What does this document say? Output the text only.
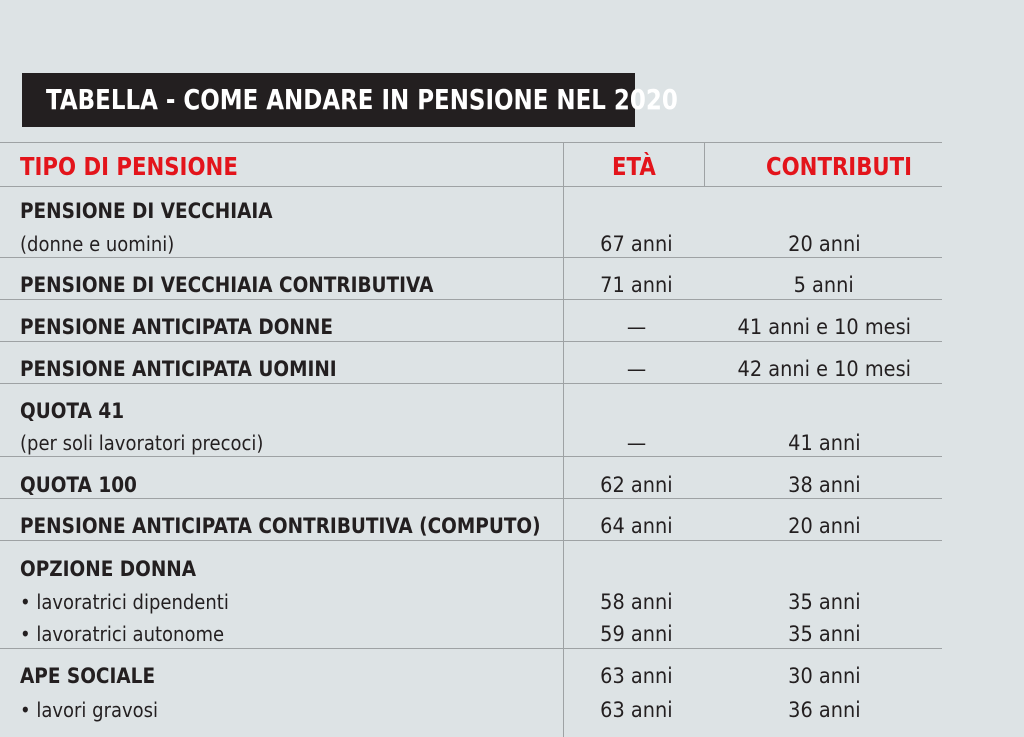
TABELLA - COME ANDARE IN PENSIONE NEL 2020
TIPO DI PENSIONE	ETÀ	CONTRIBUTI
PENSIONE DI VECCHIAIA
(donne e uomini)	67 anni	20 anni
PENSIONE DI VECCHIAIA CONTRIBUTIVA	71 anni	5 anni
PENSIONE ANTICIPATA DONNE	—	41 anni e 10 mesi
PENSIONE ANTICIPATA UOMINI	—	42 anni e 10 mesi
QUOTA 41
(per soli lavoratori precoci)	—	41 anni
QUOTA 100	62 anni	38 anni
PENSIONE ANTICIPATA CONTRIBUTIVA (COMPUTO)	64 anni	20 anni
OPZIONE DONNA
• lavoratrici dipendenti	58 anni	35 anni
• lavoratrici autonome	59 anni	35 anni
APE SOCIALE	63 anni	30 anni
• lavori gravosi	63 anni	36 anni
